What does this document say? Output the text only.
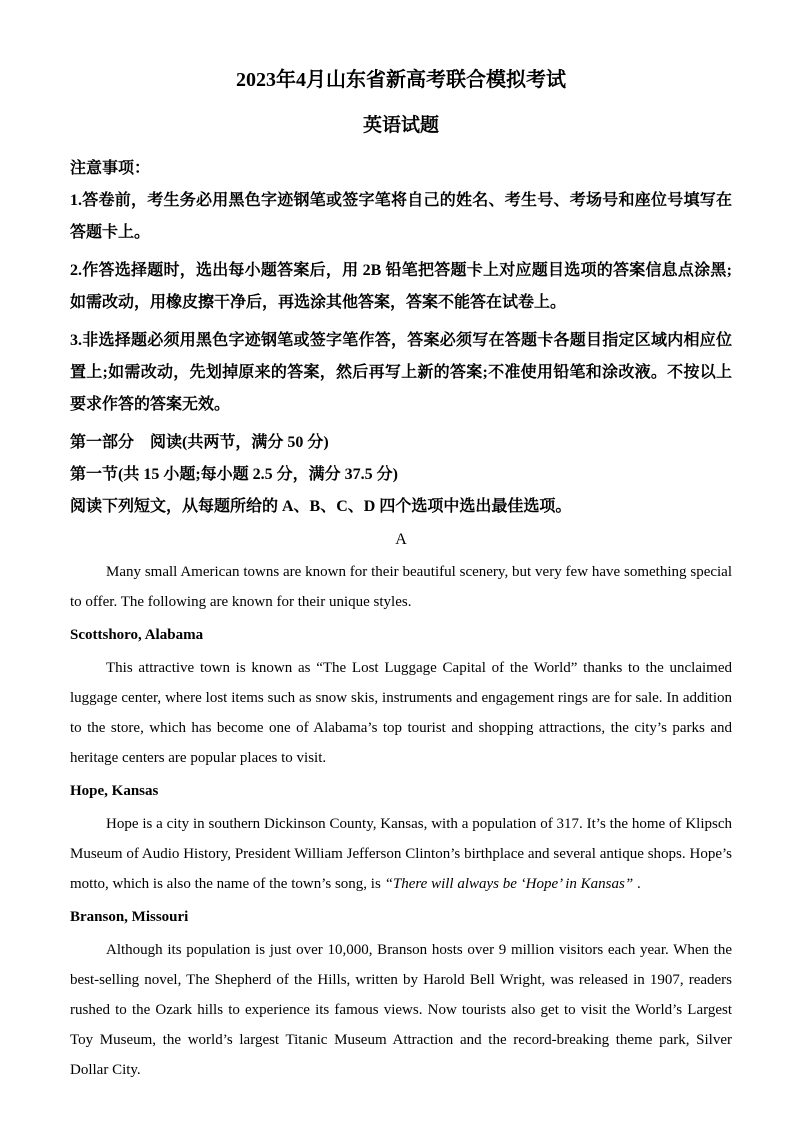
2023年4月山东省新高考联合模拟考试
英语试题
注意事项：

1.答卷前，考生务必用黑色字迹钢笔或签字笔将自己的姓名、考生号、考场号和座位号填写在答题卡上。

2.作答选择题时，选出每小题答案后，用 2B 铅笔把答题卡上对应题目选项的答案信息点涂黑;如需改动，用橡皮擦干净后，再选涂其他答案，答案不能答在试卷上。

3.非选择题必须用黑色字迹钢笔或签字笔作答，答案必须写在答题卡各题目指定区域内相应位置上;如需改动，先划掉原来的答案，然后再写上新的答案;不准使用铅笔和涂改液。不按以上要求作答的答案无效。

第一部分　阅读(共两节，满分 50 分)

第一节(共 15 小题;每小题 2.5 分，满分 37.5 分)

阅读下列短文，从每题所给的 A、B、C、D 四个选项中选出最佳选项。

A

Many small American towns are known for their beautiful scenery, but very few have something special to offer. The following are known for their unique styles.

Scottshoro, Alabama

This attractive town is known as “The Lost Luggage Capital of the World” thanks to the unclaimed luggage center, where lost items such as snow skis, instruments and engagement rings are for sale. In addition to the store, which has become one of Alabama’s top tourist and shopping attractions, the city’s parks and heritage centers are popular places to visit.

Hope, Kansas

Hope is a city in southern Dickinson County, Kansas, with a population of 317. It’s the home of Klipsch Museum of Audio History, President William Jefferson Clinton’s birthplace and several antique shops. Hope’s motto, which is also the name of the town’s song, is “There will always be ‘Hope’ in Kansas” .

Branson, Missouri

Although its population is just over 10,000, Branson hosts over 9 million visitors each year. When the best-selling novel, The Shepherd of the Hills, written by Harold Bell Wright, was released in 1907, readers rushed to the Ozark hills to experience its famous views. Now tourists also get to visit the World’s Largest Toy Museum, the world’s largest Titanic Museum Attraction and the record-breaking theme park, Silver Dollar City.
